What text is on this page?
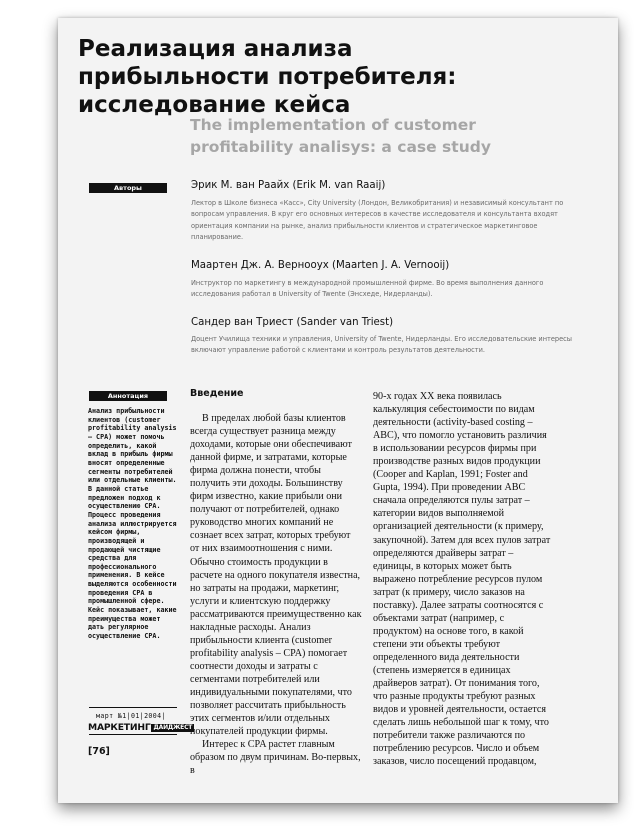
Реализация анализа прибыльности потребителя: исследование кейса
The implementation of customer profitability analisys: a case study
Авторы	Эрик М. ван Раайх (Erik M. van Raaij)
Лектор в Школе бизнеса «Касс», City University (Лондон, Великобритания) и независимый консультант по вопросам управления. В круг его основных интересов в качестве исследователя и консультанта входят ориентация компании на рынке, анализ прибыльности клиентов и стратегическое маркетинговое планирование.
Маартен Дж. А. Вернооух (Maarten J. A. Vernooij)
Инструктор по маркетингу в международной промышленной фирме. Во время выполнения данного исследования работал в University of Twente (Энсхеде, Нидерланды).
Сандер ван Триест (Sander van Triest)
Доцент Училища техники и управления, University of Twente, Нидерланды. Его исследовательские интересы включают управление работой с клиентами и контроль результатов деятельности.
Аннотация
Анализ прибыльности клиентов (customer profitability analysis – CPA) может помочь определить, какой вклад в прибыль фирмы вносят определенные сегменты потребителей или отдельные клиенты. В данной статье предложен подход к осуществлению CPA. Процесс проведения анализа иллюстрируется кейсом фирмы, производящей и продающей чистящие средства для профессионального применения. В кейсе выделяются особенности проведения CPA в промышленной сфере. Кейс показывает, какие преимущества может дать регулярное осуществление CPA.
март №1|01|2004|
МАРКЕТИНГ ДАЙДЖЕСТ
[76]
Введение

В пределах любой базы клиентов всегда существует разница между доходами, которые они обеспечивают данной фирме, и затратами, которые фирма должна понести, чтобы получить эти доходы. Большинству фирм известно, какие прибыли они получают от потребителей, однако руководство многих компаний не сознает всех затрат, которых требуют от них взаимоотношения с ними. Обычно стоимость продукции в расчете на одного покупателя известна, но затраты на продажи, маркетинг, услуги и клиентскую поддержку рассматриваются преимущественно как накладные расходы. Анализ прибыльности клиента (customer profitability analysis – CPA) помогает соотнести доходы и затраты с сегментами потребителей или индивидуальными покупателями, что позволяет рассчитать прибыльность этих сегментов и/или отдельных покупателей продукции фирмы.

Интерес к CPA растет главным образом по двум причинам. Во-первых, в

90-х годах XX века появилась калькуляция себестоимости по видам деятельности (activity-based costing – ABC), что помогло установить различия в использовании ресурсов фирмы при производстве разных видов продукции (Cooper and Kaplan, 1991; Foster and Gupta, 1994). При проведении ABC сначала определяются пулы затрат – категории видов выполняемой организацией деятельности (к примеру, закупочной). Затем для всех пулов затрат определяются драйверы затрат – единицы, в которых может быть выражено потребление ресурсов пулом затрат (к примеру, число заказов на поставку). Далее затраты соотносятся с объектами затрат (например, с продуктом) на основе того, в какой степени эти объекты требуют определенного вида деятельности (степень измеряется в единицах драйверов затрат). От понимания того, что разные продукты требуют разных видов и уровней деятельности, остается сделать лишь небольшой шаг к тому, что потребители также различаются по потреблению ресурсов. Число и объем заказов, число посещений продавцом,
